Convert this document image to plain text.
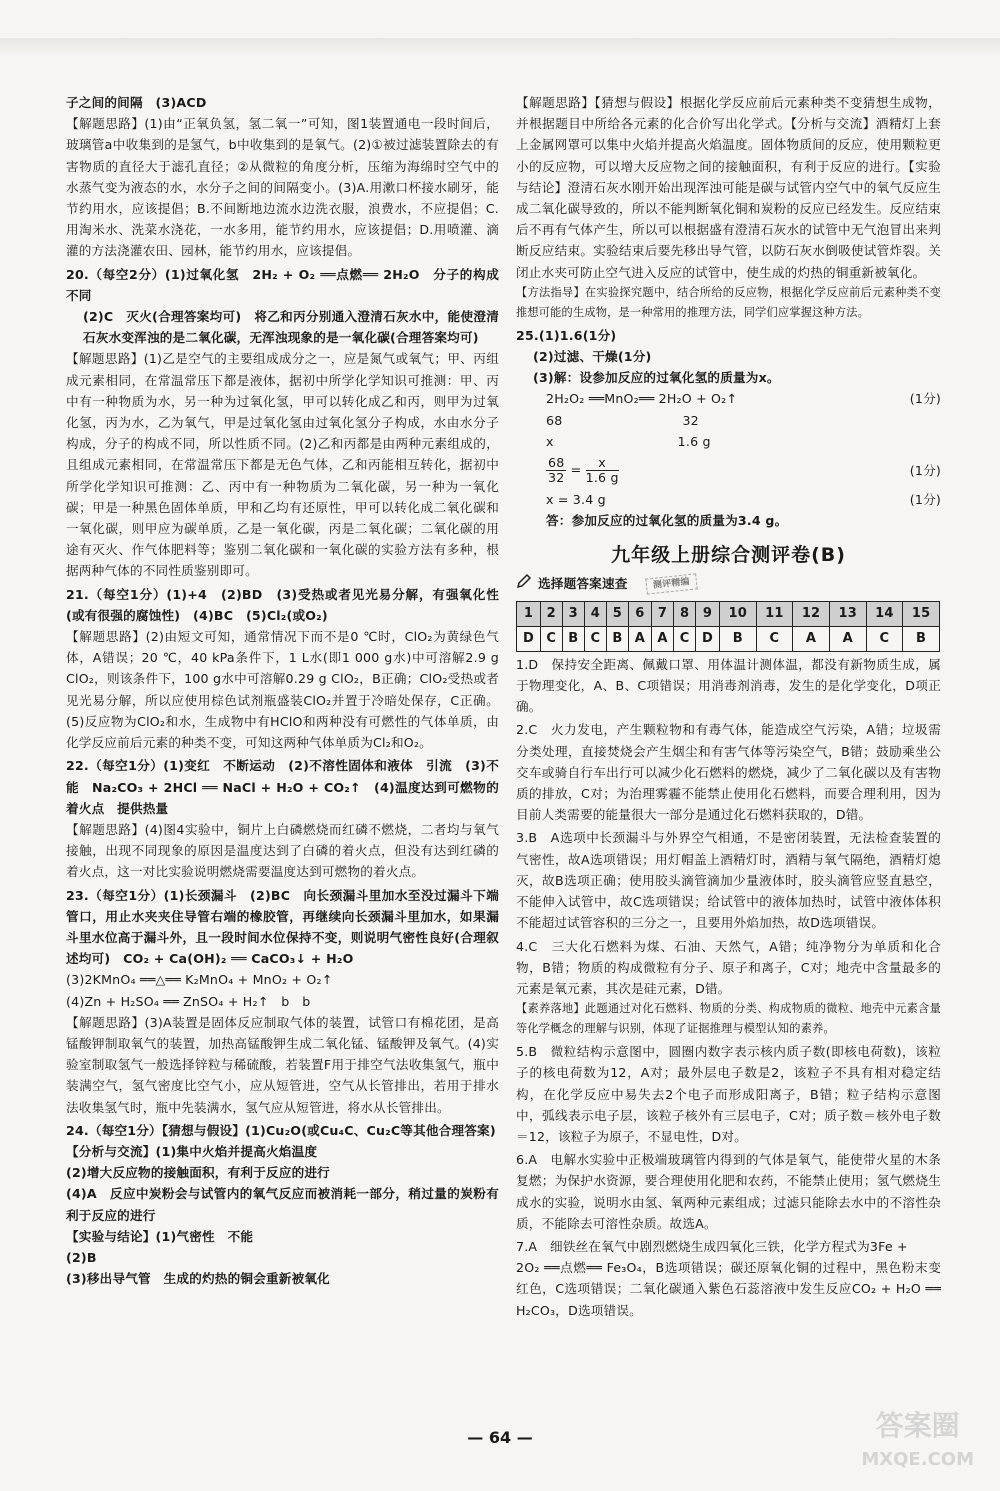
子之间的间隔　(3)ACD

【解题思路】(1)由“正氧负氢，氢二氧一”可知，图1装置通电一段时间后，玻璃管a中收集到的是氢气，b中收集到的是氧气。(2)①被过滤装置除去的有害物质的直径大于滤孔直径；②从微粒的角度分析，压缩为海绵时空气中的水蒸气变为液态的水，水分子之间的间隔变小。(3)A.用漱口杯接水刷牙，能节约用水，应该提倡；B.不间断地边流水边洗衣服，浪费水，不应提倡；C.用淘米水、洗菜水浇花，一水多用，能节约用水，应该提倡；D.用喷灌、滴灌的方法浇灌农田、园林，能节约用水，应该提倡。

20.（每空2分）(1)过氧化氢　2H₂ + O₂ ══点燃══ 2H₂O　分子的构成不同

(2)C　灭火(合理答案均可)　将乙和丙分别通入澄清石灰水中，能使澄清石灰水变浑浊的是二氧化碳，无浑浊现象的是一氧化碳(合理答案均可)

【解题思路】(1)乙是空气的主要组成成分之一，应是氮气或氧气；甲、丙组成元素相同，在常温常压下都是液体，据初中所学化学知识可推测：甲、丙中有一种物质为水，另一种为过氧化氢，甲可以转化成乙和丙，则甲为过氧化氢，丙为水，乙为氧气，甲是过氧化氢由过氧化氢分子构成，水由水分子构成，分子的构成不同，所以性质不同。(2)乙和丙都是由两种元素组成的，且组成元素相同，在常温常压下都是无色气体，乙和丙能相互转化，据初中所学化学知识可推测：乙、丙中有一种物质为二氧化碳，另一种为一氧化碳；甲是一种黑色固体单质，甲和乙均有还原性，甲可以转化成二氧化碳和一氧化碳，则甲应为碳单质，乙是一氧化碳，丙是二氧化碳；二氧化碳的用途有灭火、作气体肥料等；鉴别二氧化碳和一氧化碳的实验方法有多种，根据两种气体的不同性质鉴别即可。

21.（每空1分）(1)+4　(2)BD　(3)受热或者见光易分解，有强氧化性(或有很强的腐蚀性)　(4)BC　(5)Cl₂(或O₂)

【解题思路】(2)由短文可知，通常情况下而不是0 ℃时，ClO₂为黄绿色气体，A错误；20 ℃，40 kPa条件下，1 L水(即1 000 g水)中可溶解2.9 g ClO₂，则该条件下，100 g水中可溶解0.29 g ClO₂，B正确；ClO₂受热或者见光易分解，所以应使用棕色试剂瓶盛装ClO₂并置于冷暗处保存，C正确。(5)反应物为ClO₂和水，生成物中有HClO和两种没有可燃性的气体单质，由化学反应前后元素的种类不变，可知这两种气体单质为Cl₂和O₂。

22.（每空1分）(1)变红　不断运动　(2)不溶性固体和液体　引流　(3)不能　Na₂CO₃ + 2HCl ══ NaCl + H₂O + CO₂↑　(4)温度达到可燃物的着火点　提供热量

【解题思路】(4)图4实验中，铜片上白磷燃烧而红磷不燃烧，二者均与氧气接触，出现不同现象的原因是温度达到了白磷的着火点，但没有达到红磷的着火点，这一对比实验说明燃烧需要温度达到可燃物的着火点。

23.（每空1分）(1)长颈漏斗　(2)BC　向长颈漏斗里加水至没过漏斗下端管口，用止水夹夹住导管右端的橡胶管，再继续向长颈漏斗里加水，如果漏斗里水位高于漏斗外，且一段时间水位保持不变，则说明气密性良好(合理叙述均可)　CO₂ + Ca(OH)₂ ══ CaCO₃↓ + H₂O

(3)2KMnO₄ ══△══ K₂MnO₄ + MnO₂ + O₂↑

(4)Zn + H₂SO₄ ══ ZnSO₄ + H₂↑　b　b

【解题思路】(3)A装置是固体反应制取气体的装置，试管口有棉花团，是高锰酸钾制取氧气的装置，加热高锰酸钾生成二氧化锰、锰酸钾及氧气。(4)实验室制取氢气一般选择锌粒与稀硫酸，若装置F用于排空气法收集氢气，瓶中装满空气，氢气密度比空气小，应从短管进，空气从长管排出，若用于排水法收集氢气时，瓶中先装满水，氢气应从短管进，将水从长管排出。

24.（每空1分）【猜想与假设】(1)Cu₂O(或Cu₄C、Cu₂C等其他合理答案)

【分析与交流】(1)集中火焰并提高火焰温度

(2)增大反应物的接触面积，有利于反应的进行

(4)A　反应中炭粉会与试管内的氧气反应而被消耗一部分，稍过量的炭粉有利于反应的进行

【实验与结论】(1)气密性　不能

(2)B

(3)移出导气管　生成的灼热的铜会重新被氧化

【解题思路】【猜想与假设】根据化学反应前后元素种类不变猜想生成物，并根据题目中所给各元素的化合价写出化学式。【分析与交流】酒精灯上套上金属网罩可以集中火焰并提高火焰温度。固体物质间的反应，使用颗粒更小的反应物，可以增大反应物之间的接触面积，有利于反应的进行。【实验与结论】澄清石灰水刚开始出现浑浊可能是碳与试管内空气中的氧气反应生成二氧化碳导致的，所以不能判断氧化铜和炭粉的反应已经发生。反应结束后不再有气体产生，所以可以根据盛有澄清石灰水的试管中无气泡冒出来判断反应结束。实验结束后要先移出导气管，以防石灰水倒吸使试管炸裂。关闭止水夹可防止空气进入反应的试管中，使生成的灼热的铜重新被氧化。

【方法指导】在实验探究题中，结合所给的反应物，根据化学反应前后元素种类不变推想可能的生成物，是一种常用的推理方法，同学们应掌握这种方法。

25.(1)1.6(1分)

(2)过滤、干燥(1分)

(3)解：设参加反应的过氧化氢的质量为x。

2H₂O₂ ══MnO₂══ 2H₂O + O₂↑	(1分)
68	32
x	1.6 g
$\frac{68}{32} = \frac{x}{1.6 g}$	(1分)
x = 3.4 g	(1分)

答：参加反应的过氧化氢的质量为3.4 g。

九年级上册综合测评卷(B)
选择题答案速查	测评精编
1	2	3	4	5	6	7	8	9	10	11	12	13	14	15
D	C	B	C	B	A	A	C	D	B	C	A	A	C	B

1.D　保持安全距离、佩戴口罩、用体温计测体温，都没有新物质生成，属于物理变化，A、B、C项错误；用消毒剂消毒，发生的是化学变化，D项正确。

2.C　火力发电，产生颗粒物和有毒气体，能造成空气污染，A错；垃圾需分类处理，直接焚烧会产生烟尘和有害气体等污染空气，B错；鼓励乘坐公交车或骑自行车出行可以减少化石燃料的燃烧，减少了二氧化碳以及有害物质的排放，C对；为治理雾霾不能禁止使用化石燃料，而要合理利用，因为目前人类需要的能量很大一部分是通过化石燃料获取的，D错。

3.B　A选项中长颈漏斗与外界空气相通，不是密闭装置，无法检查装置的气密性，故A选项错误；用灯帽盖上酒精灯时，酒精与氧气隔绝，酒精灯熄灭，故B选项正确；使用胶头滴管滴加少量液体时，胶头滴管应竖直悬空，不能伸入试管中，故C选项错误；给试管中的液体加热时，试管中液体体积不能超过试管容积的三分之一，且要用外焰加热，故D选项错误。

4.C　三大化石燃料为煤、石油、天然气，A错；纯净物分为单质和化合物，B错；物质的构成微粒有分子、原子和离子，C对；地壳中含量最多的元素是氧元素，其次是硅元素，D错。

【素养落地】此题通过对化石燃料、物质的分类、构成物质的微粒、地壳中元素含量等化学概念的理解与识别，体现了证据推理与模型认知的素养。

5.B　微粒结构示意图中，圆圈内数字表示核内质子数(即核电荷数)，该粒子的核电荷数为12，A对；最外层电子数是2，该粒子不具有相对稳定结构，在化学反应中易失去2个电子而形成阳离子，B错；粒子结构示意图中，弧线表示电子层，该粒子核外有三层电子，C对；质子数＝核外电子数＝12，该粒子为原子，不显电性，D对。

6.A　电解水实验中正极端玻璃管内得到的气体是氧气，能使带火星的木条复燃；为保护水资源，要合理使用化肥和农药，不能禁止使用；氢气燃烧生成水的实验，说明水由氢、氧两种元素组成；过滤只能除去水中的不溶性杂质，不能除去可溶性杂质。故选A。

7.A　细铁丝在氧气中剧烈燃烧生成四氧化三铁，化学方程式为3Fe +

2O₂ ══点燃══ Fe₃O₄，B选项错误；碳还原氧化铜的过程中，黑色粉末变红色，C选项错误；二氧化碳通入紫色石蕊溶液中发生反应CO₂ + H₂O ══ H₂CO₃，D选项错误。

— 64 —	答案圈
MXQE.COM
